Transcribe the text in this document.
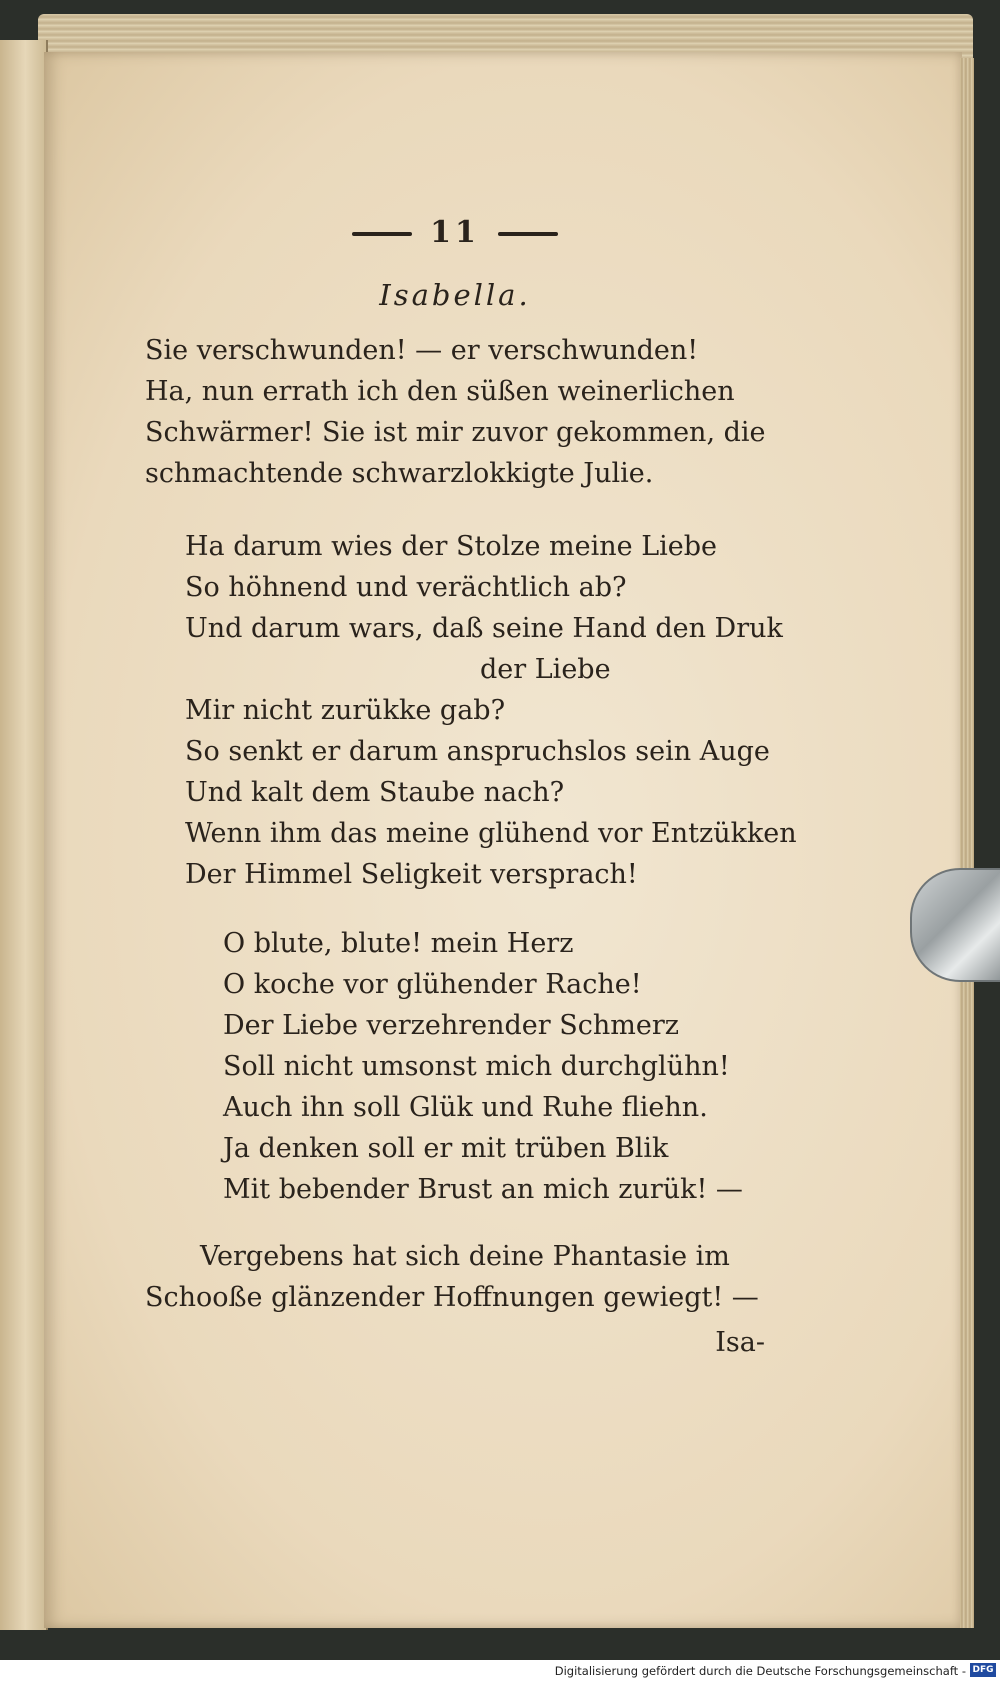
11
Isabella.
Sie verschwunden! — er verschwunden!
Ha, nun errath ich den süßen weinerlichen
Schwärmer! Sie ist mir zuvor gekommen, die
schmachtende schwarzlokkigte Julie.
Ha darum wies der Stolze meine Liebe
So höhnend und verächtlich ab?
Und darum wars, daß seine Hand den Druk
der Liebe
Mir nicht zurükke gab?
So senkt er darum anspruchslos sein Auge
Und kalt dem Staube nach?
Wenn ihm das meine glühend vor Entzükken
Der Himmel Seligkeit versprach!
O blute, blute! mein Herz
O koche vor glühender Rache!
Der Liebe verzehrender Schmerz
Soll nicht umsonst mich durchglühn!
Auch ihn soll Glük und Ruhe fliehn.
Ja denken soll er mit trüben Blik
Mit bebender Brust an mich zurük! —
Vergebens hat sich deine Phantasie im
Schooße glänzender Hoffnungen gewiegt! —
Isa-
Digitalisierung gefördert durch die Deutsche Forschungsgemeinschaft - DFG
